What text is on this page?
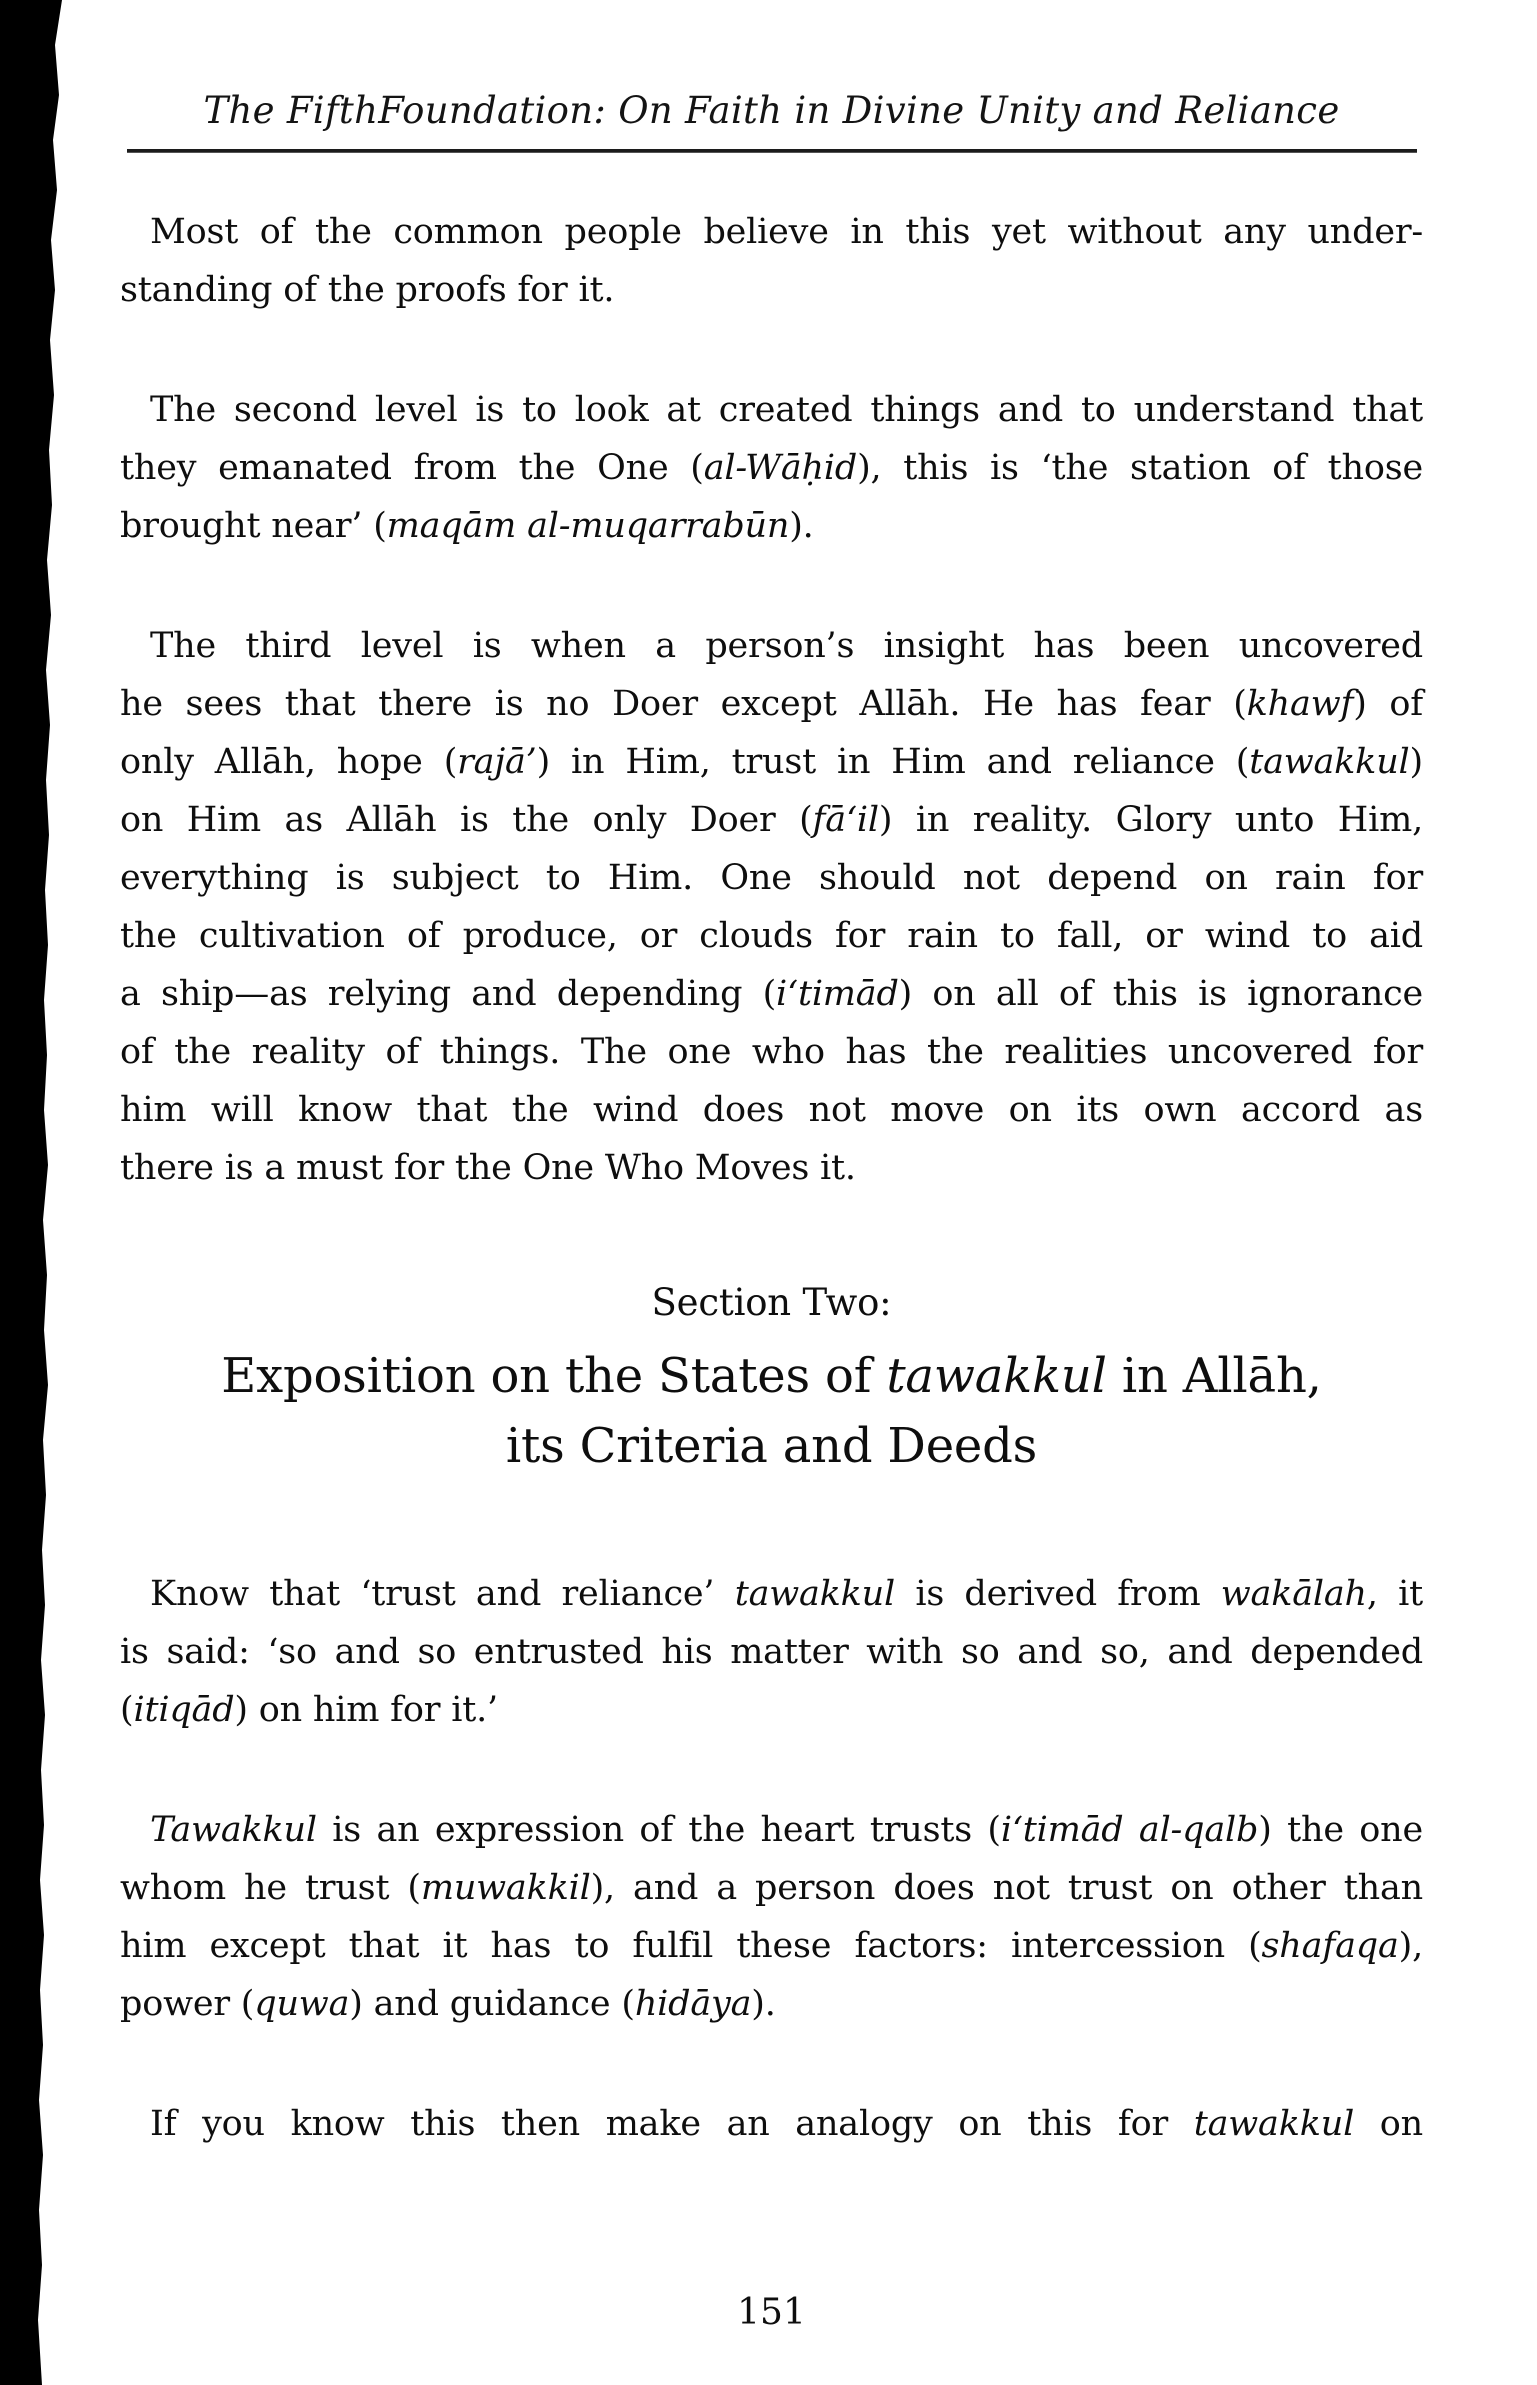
The FifthFoundation: On Faith in Divine Unity and Reliance
Most of the common people believe in this yet without any under-
standing of the proofs for it.
The second level is to look at created things and to understand that
they emanated from the One (al-Wāḥid), this is ‘the station of those
brought near’ (maqām al-muqarrabūn).
The third level is when a person’s insight has been uncovered
he sees that there is no Doer except Allāh. He has fear (khawf) of
only Allāh, hope (rajā’) in Him, trust in Him and reliance (tawakkul)
on Him as Allāh is the only Doer (fā‘il) in reality. Glory unto Him,
everything is subject to Him. One should not depend on rain for
the cultivation of produce, or clouds for rain to fall, or wind to aid
a ship—as relying and depending (i‘timād) on all of this is ignorance
of the reality of things. The one who has the realities uncovered for
him will know that the wind does not move on its own accord as
there is a must for the One Who Moves it.
Section Two:
Exposition on the States of tawakkul in Allāh,
its Criteria and Deeds
Know that ‘trust and reliance’ tawakkul is derived from wakālah, it
is said: ‘so and so entrusted his matter with so and so, and depended
(itiqād) on him for it.’
Tawakkul is an expression of the heart trusts (i‘timād al-qalb) the one
whom he trust (muwakkil), and a person does not trust on other than
him except that it has to fulfil these factors: intercession (shafaqa),
power (quwa) and guidance (hidāya).
If you know this then make an analogy on this for tawakkul on
151
